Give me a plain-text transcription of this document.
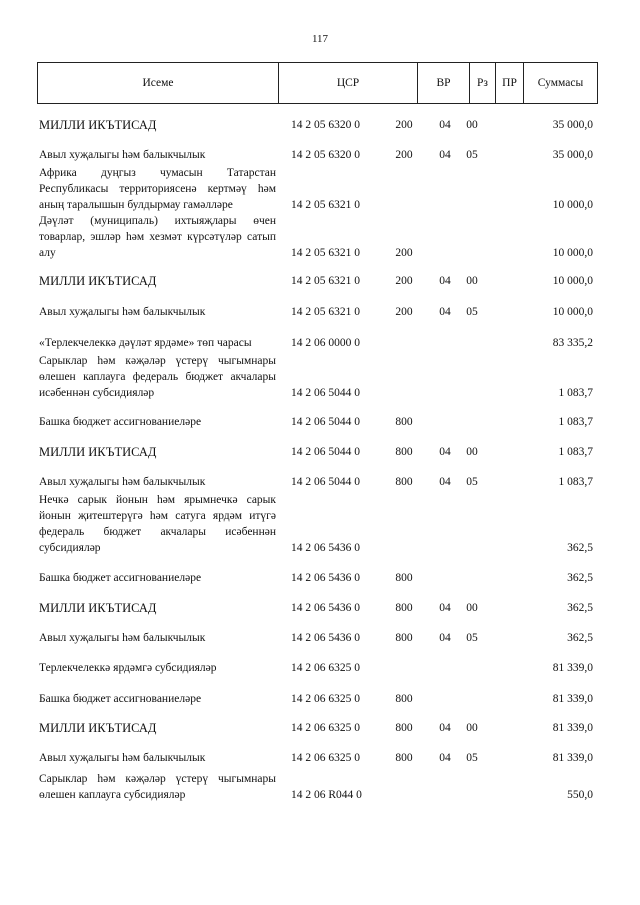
117
Исеме	ЦСР	ВР	Рз	ПР	Суммасы
МИЛЛИ ИКЪТИСАД	14 2 05 6320 0	200	04	00	35 000,0
Авыл хуҗалыгы һәм балыкчылык	14 2 05 6320 0	200	04	05	35 000,0
Африка дуңгыз чумасын Татарстан Республикасы территориясенә кертмәү һәм аның таралышын булдырмау гамәлләре	14 2 05 6321 0	10 000,0
Дәүләт (муниципаль) ихтыяҗлары өчен товарлар, эшләр һәм хезмәт күрсәтүләр сатып алу	14 2 05 6321 0	200	10 000,0
МИЛЛИ ИКЪТИСАД	14 2 05 6321 0	200	04	00	10 000,0
Авыл хуҗалыгы һәм балыкчылык	14 2 05 6321 0	200	04	05	10 000,0
«Терлекчелеккә дәүләт ярдәме» төп чарасы	14 2 06 0000 0	83 335,2
Сарыклар һәм кәҗәләр үстерү чыгымнары өлешен каплауга федераль бюджет акчалары исәбеннән субсидияләр	14 2 06 5044 0	1 083,7
Башка бюджет ассигнованиеләре	14 2 06 5044 0	800	1 083,7
МИЛЛИ ИКЪТИСАД	14 2 06 5044 0	800	04	00	1 083,7
Авыл хуҗалыгы һәм балыкчылык	14 2 06 5044 0	800	04	05	1 083,7
Нечкә сарык йонын һәм ярымнечкә сарык йонын җитештерүгә һәм сатуга ярдәм итүгә федераль бюджет акчалары исәбеннән субсидияләр	14 2 06 5436 0	362,5
Башка бюджет ассигнованиеләре	14 2 06 5436 0	800	362,5
МИЛЛИ ИКЪТИСАД	14 2 06 5436 0	800	04	00	362,5
Авыл хуҗалыгы һәм балыкчылык	14 2 06 5436 0	800	04	05	362,5
Терлекчелеккә ярдәмгә субсидияләр	14 2 06 6325 0	81 339,0
Башка бюджет ассигнованиеләре	14 2 06 6325 0	800	81 339,0
МИЛЛИ ИКЪТИСАД	14 2 06 6325 0	800	04	00	81 339,0
Авыл хуҗалыгы һәм балыкчылык	14 2 06 6325 0	800	04	05	81 339,0
Сарыклар һәм кәҗәләр үстерү чыгымнары өлешен каплауга субсидияләр	14 2 06 R044 0	550,0
